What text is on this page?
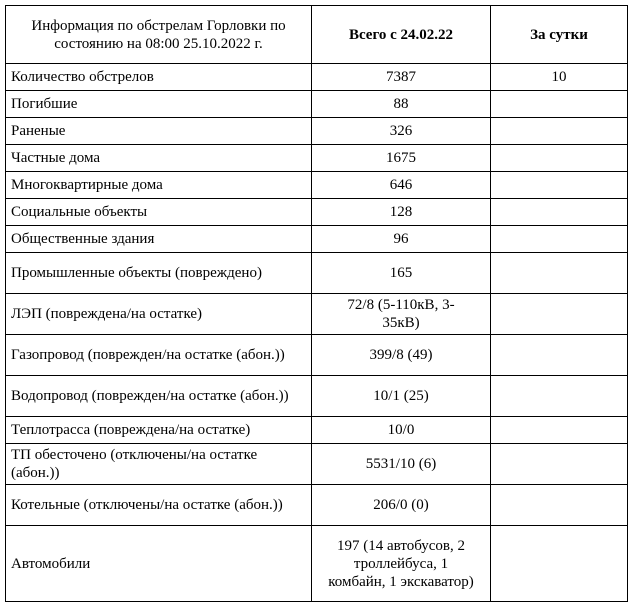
Информация по обстрелам Горловки по состоянию на 08:00 25.10.2022 г.	Всего с 24.02.22	За сутки
Количество обстрелов	7387	10
Погибшие	88	
Раненые	326	
Частные дома	1675	
Многоквартирные дома	646	
Социальные объекты	128	
Общественные здания	96	
Промышленные объекты (повреждено)	165	
ЛЭП (повреждена/на остатке)	72/8 (5-110кВ, 3-35кВ)	
Газопровод (поврежден/на остатке (абон.))	399/8 (49)	
Водопровод (поврежден/на остатке (абон.))	10/1 (25)	
Теплотрасса (повреждена/на остатке)	10/0	
ТП обесточено (отключены/на остатке (абон.))	5531/10 (6)	
Котельные (отключены/на остатке (абон.))	206/0 (0)	
Автомобили	197 (14 автобусов, 2 троллейбуса, 1 комбайн, 1 экскаватор)	
